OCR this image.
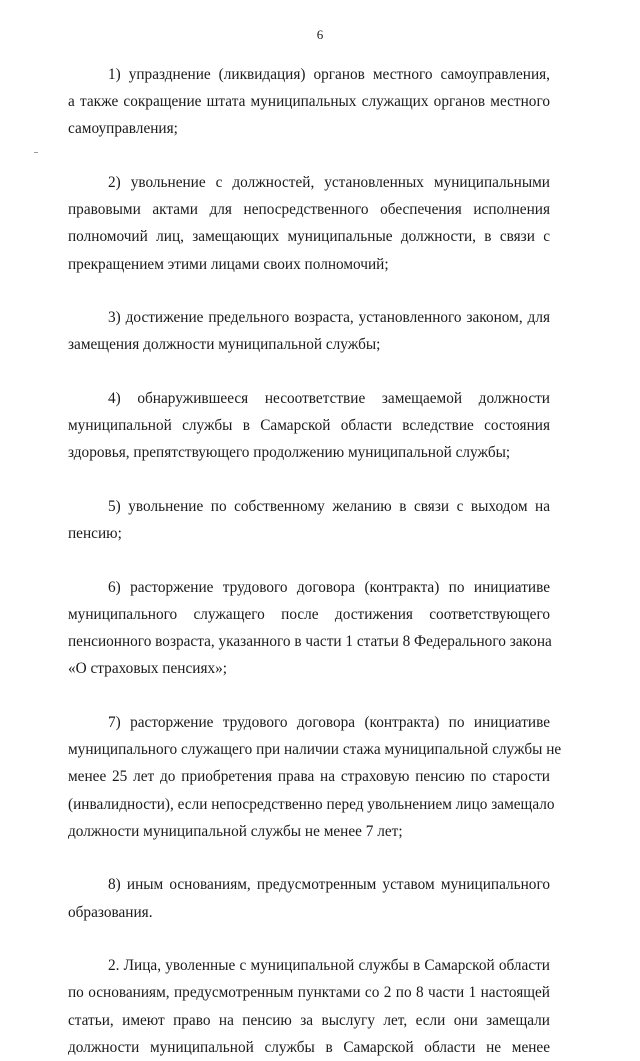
6
1) упразднение (ликвидация) органов местного самоуправления,
а также сокращение штата муниципальных служащих органов местного
самоуправления;
2) увольнение с должностей, установленных муниципальными
правовыми актами для непосредственного обеспечения исполнения
полномочий лиц, замещающих муниципальные должности, в связи с
прекращением этими лицами своих полномочий;
3) достижение предельного возраста, установленного законом, для
замещения должности муниципальной службы;
4) обнаружившееся несоответствие замещаемой должности
муниципальной службы в Самарской области вследствие состояния
здоровья, препятствующего продолжению муниципальной службы;
5) увольнение по собственному желанию в связи с выходом на
пенсию;
6) расторжение трудового договора (контракта) по инициативе
муниципального служащего после достижения соответствующего
пенсионного возраста, указанного в части 1 статьи 8 Федерального закона
«О страховых пенсиях»;
7) расторжение трудового договора (контракта) по инициативе
муниципального служащего при наличии стажа муниципальной службы не
менее 25 лет до приобретения права на страховую пенсию по старости
(инвалидности), если непосредственно перед увольнением лицо замещало
должности муниципальной службы не менее 7 лет;
8) иным основаниям, предусмотренным уставом муниципального
образования.
2. Лица, уволенные с муниципальной службы в Самарской области
по основаниям, предусмотренным пунктами со 2 по 8 части 1 настоящей
статьи, имеют право на пенсию за выслугу лет, если они замещали
должности муниципальной службы в Самарской области не менее
